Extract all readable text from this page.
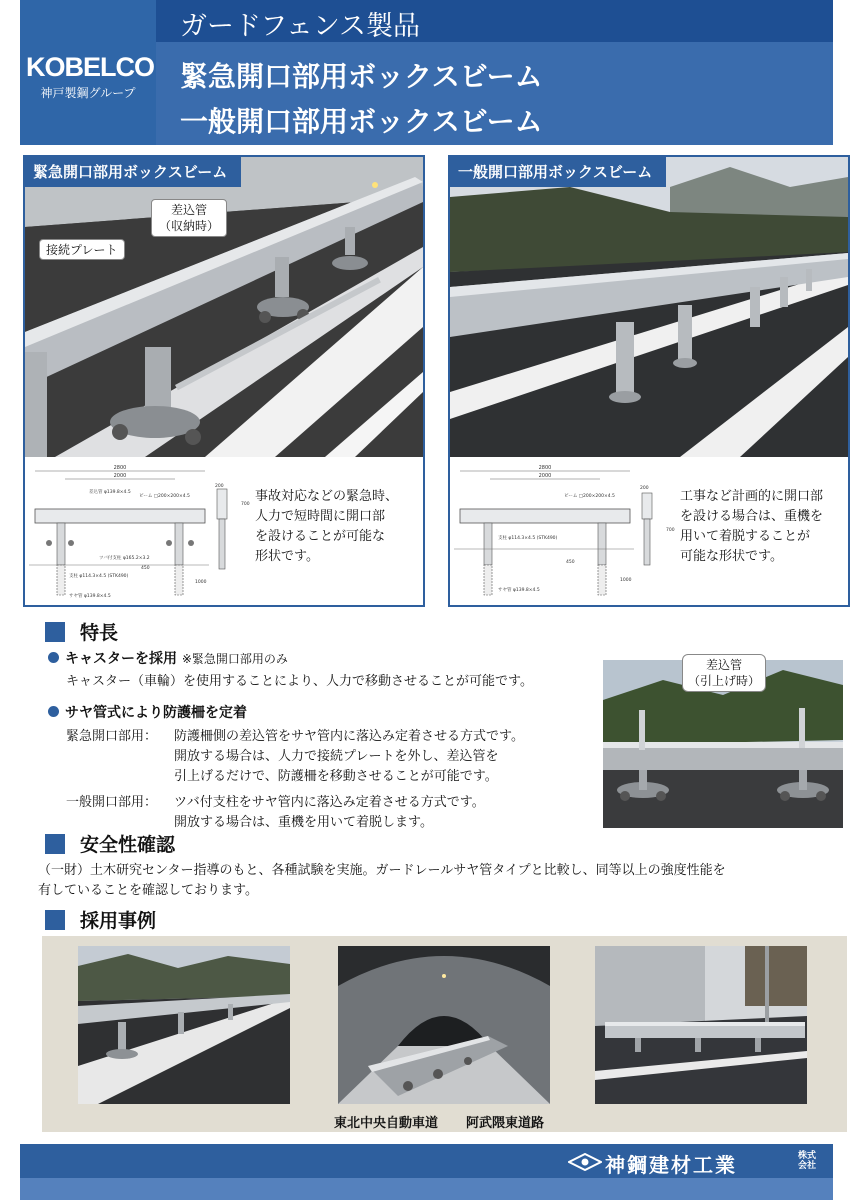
KOBELCO
神戸製鋼グループ
ガードフェンス製品
緊急開口部用ボックスビーム
一般開口部用ボックスビーム
緊急開口部用ボックスビーム
差込管
（収納時）
接続プレート
2800
2000
差込管 φ139.8×4.5
ビーム □200×200×4.5
支柱 φ114.3×4.5 (STK490)
ツバ付支柱 φ165.2×3.2
サヤ管 φ139.8×4.5
700
200
450
1000
事故対応などの緊急時、
人力で短時間に開口部
を設けることが可能な
形状です。
一般開口部用ボックスビーム
2800
2000
ビーム □200×200×4.5
支柱 φ114.3×4.5 (STK490)
サヤ管 φ139.8×4.5
200
700
450
1000
工事など計画的に開口部
を設ける場合は、重機を
用いて着脱することが
可能な形状です。
特長
キャスターを採用 ※緊急開口部用のみ
キャスター（車輪）を使用することにより、人力で移動させることが可能です。
サヤ管式により防護柵を定着
緊急開口部用： 防護柵側の差込管をサヤ管内に落込み定着させる方式です。
開放する場合は、人力で接続プレートを外し、差込管を
引上げるだけで、防護柵を移動させることが可能です。
一般開口部用： ツバ付支柱をサヤ管内に落込み定着させる方式です。
開放する場合は、重機を用いて着脱します。
差込管
（引上げ時）
安全性確認
（一財）土木研究センター指導のもと、各種試験を実施。ガードレールサヤ管タイプと比較し、同等以上の強度性能を
有していることを確認しております。
採用事例
東北中央自動車道 阿武隈東道路
神鋼建材工業	株式会社
